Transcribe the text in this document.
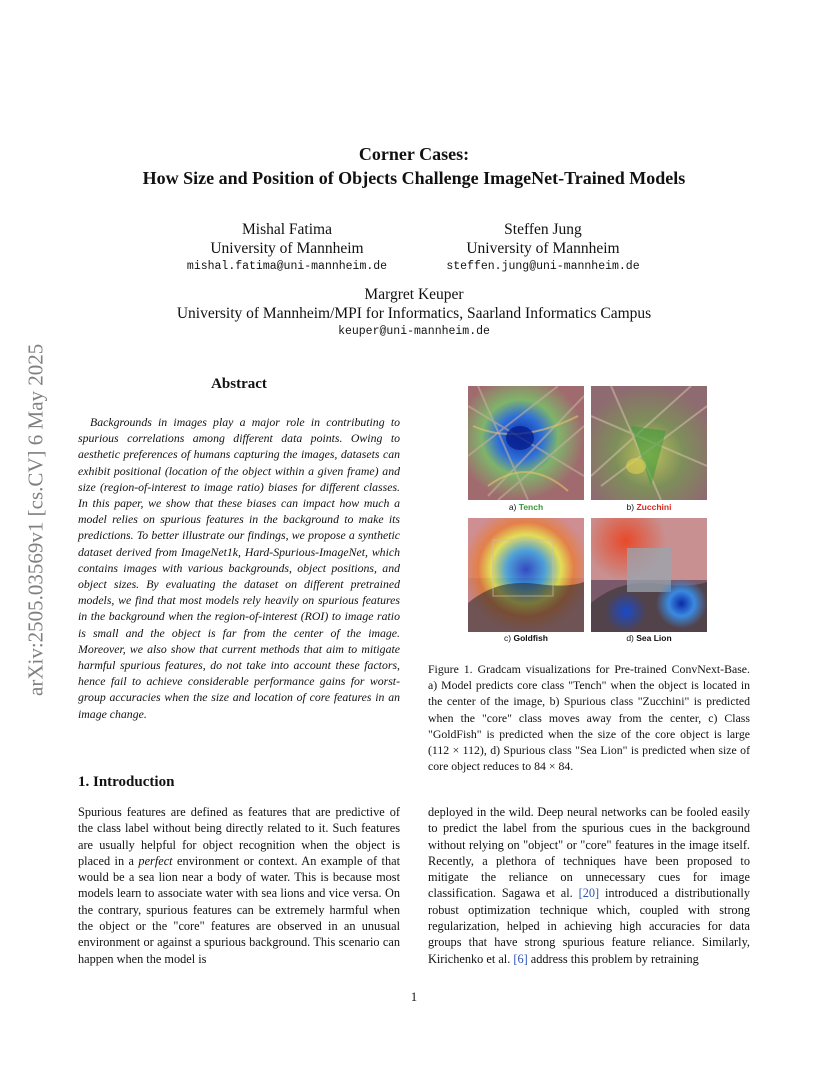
arXiv:2505.03569v1 [cs.CV] 6 May 2025
Corner Cases:
How Size and Position of Objects Challenge ImageNet-Trained Models
Mishal Fatima
University of Mannheim
mishal.fatima@uni-mannheim.de
Steffen Jung
University of Mannheim
steffen.jung@uni-mannheim.de
Margret Keuper
University of Mannheim/MPI for Informatics, Saarland Informatics Campus
keuper@uni-mannheim.de
Abstract

Backgrounds in images play a major role in contributing to spurious correlations among different data points. Owing to aesthetic preferences of humans capturing the images, datasets can exhibit positional (location of the object within a given frame) and size (region-of-interest to image ratio) biases for different classes. In this paper, we show that these biases can impact how much a model relies on spurious features in the background to make its predictions. To better illustrate our findings, we propose a synthetic dataset derived from ImageNet1k, Hard-Spurious-ImageNet, which contains images with various backgrounds, object positions, and object sizes. By evaluating the dataset on different pretrained models, we find that most models rely heavily on spurious features in the background when the region-of-interest (ROI) to image ratio is small and the object is far from the center of the image. Moreover, we also show that current methods that aim to mitigate harmful spurious features, do not take into account these factors, hence fail to achieve considerable performance gains for worst-group accuracies when the size and location of core features in an image change.

a) Tench	b) Zucchini
c) Goldfish	d) Sea Lion

Figure 1. Gradcam visualizations for Pre-trained ConvNext-Base. a) Model predicts core class "Tench" when the object is located in the center of the image, b) Spurious class "Zucchini" is predicted when the "core" class moves away from the center, c) Class "GoldFish" is predicted when the size of the core object is large (112 × 112), d) Spurious class "Sea Lion" is predicted when size of core object reduces to 84 × 84.

1. Introduction

Spurious features are defined as features that are predictive of the class label without being directly related to it. Such features are usually helpful for object recognition when the object is placed in a perfect environment or context. An example of that would be a sea lion near a body of water. This is because most models learn to associate water with sea lions and vice versa. On the contrary, spurious features can be extremely harmful when the object or the "core" features are observed in an unusual environment or against a spurious background. This scenario can happen when the model is

deployed in the wild. Deep neural networks can be fooled easily to predict the label from the spurious cues in the background without relying on "object" or "core" features in the image itself. Recently, a plethora of techniques have been proposed to mitigate the reliance on unnecessary cues for image classification. Sagawa et al. [20] introduced a distributionally robust optimization technique which, coupled with strong regularization, helped in achieving high accuracies for data groups that have strong spurious feature reliance. Similarly, Kirichenko et al. [6] address this problem by retraining

1
